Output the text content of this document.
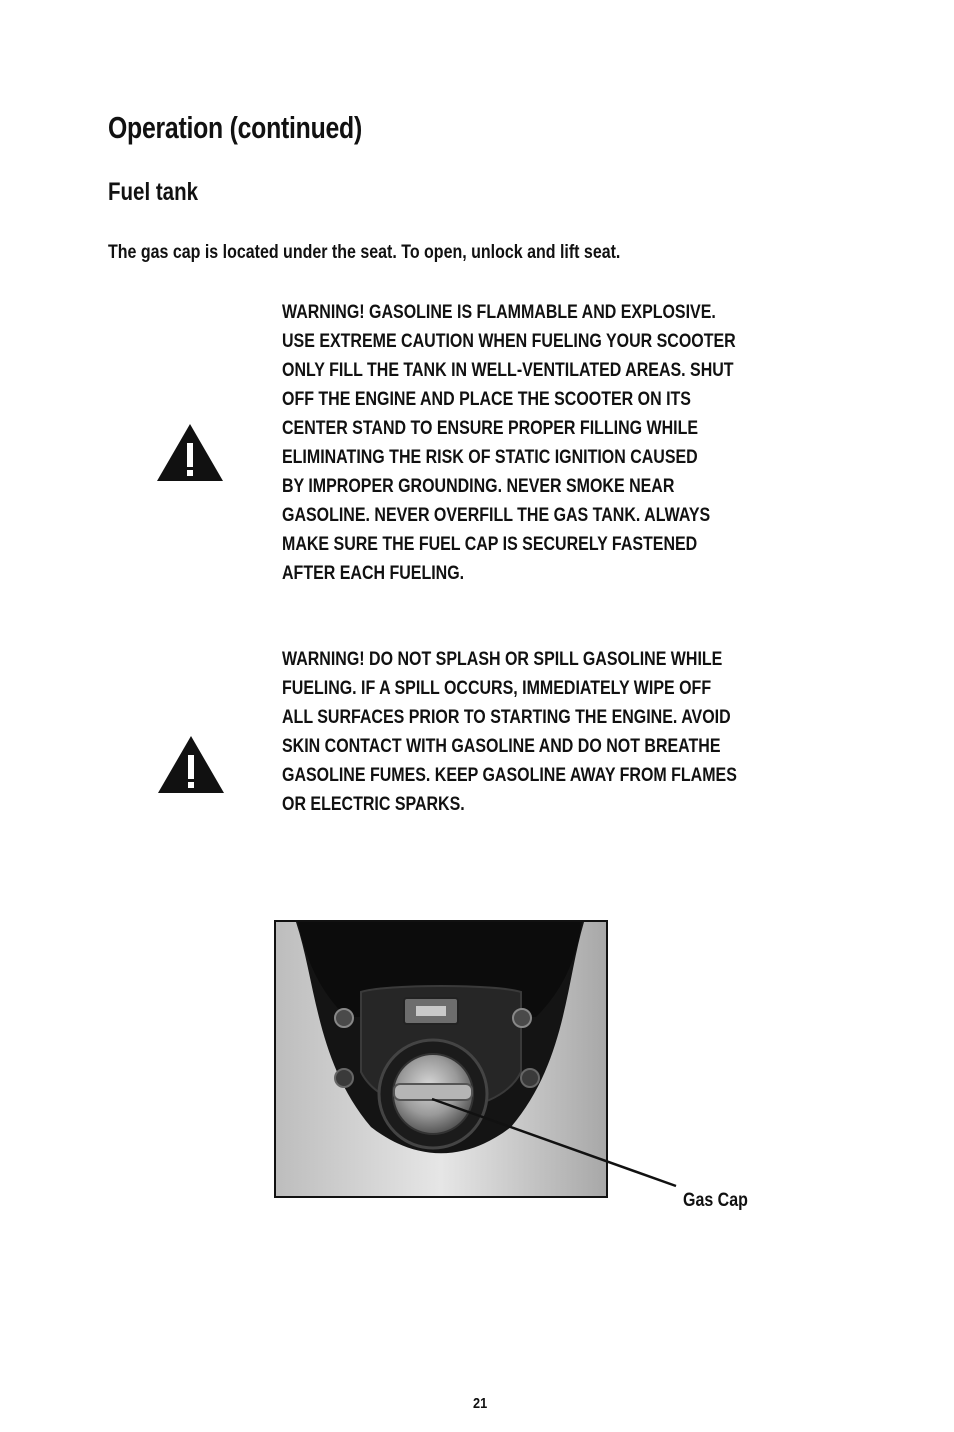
Operation (continued)
Fuel tank
The gas cap is located under the seat. To open, unlock and lift seat.
WARNING! GASOLINE IS FLAMMABLE AND EXPLOSIVE.
USE EXTREME CAUTION WHEN FUELING YOUR SCOOTER
ONLY FILL THE TANK IN WELL-VENTILATED AREAS. SHUT
OFF THE ENGINE AND PLACE THE SCOOTER ON ITS
CENTER STAND TO ENSURE PROPER FILLING WHILE
ELIMINATING THE RISK OF STATIC IGNITION CAUSED
BY IMPROPER GROUNDING. NEVER SMOKE NEAR
GASOLINE. NEVER OVERFILL THE GAS TANK. ALWAYS
MAKE SURE THE FUEL CAP IS SECURELY FASTENED
AFTER EACH FUELING.
WARNING! DO NOT SPLASH OR SPILL GASOLINE WHILE
FUELING. IF A SPILL OCCURS, IMMEDIATELY WIPE OFF
ALL SURFACES PRIOR TO STARTING THE ENGINE. AVOID
SKIN CONTACT WITH GASOLINE AND DO NOT BREATHE
GASOLINE FUMES. KEEP GASOLINE AWAY FROM FLAMES
OR ELECTRIC SPARKS.
Gas Cap
21
